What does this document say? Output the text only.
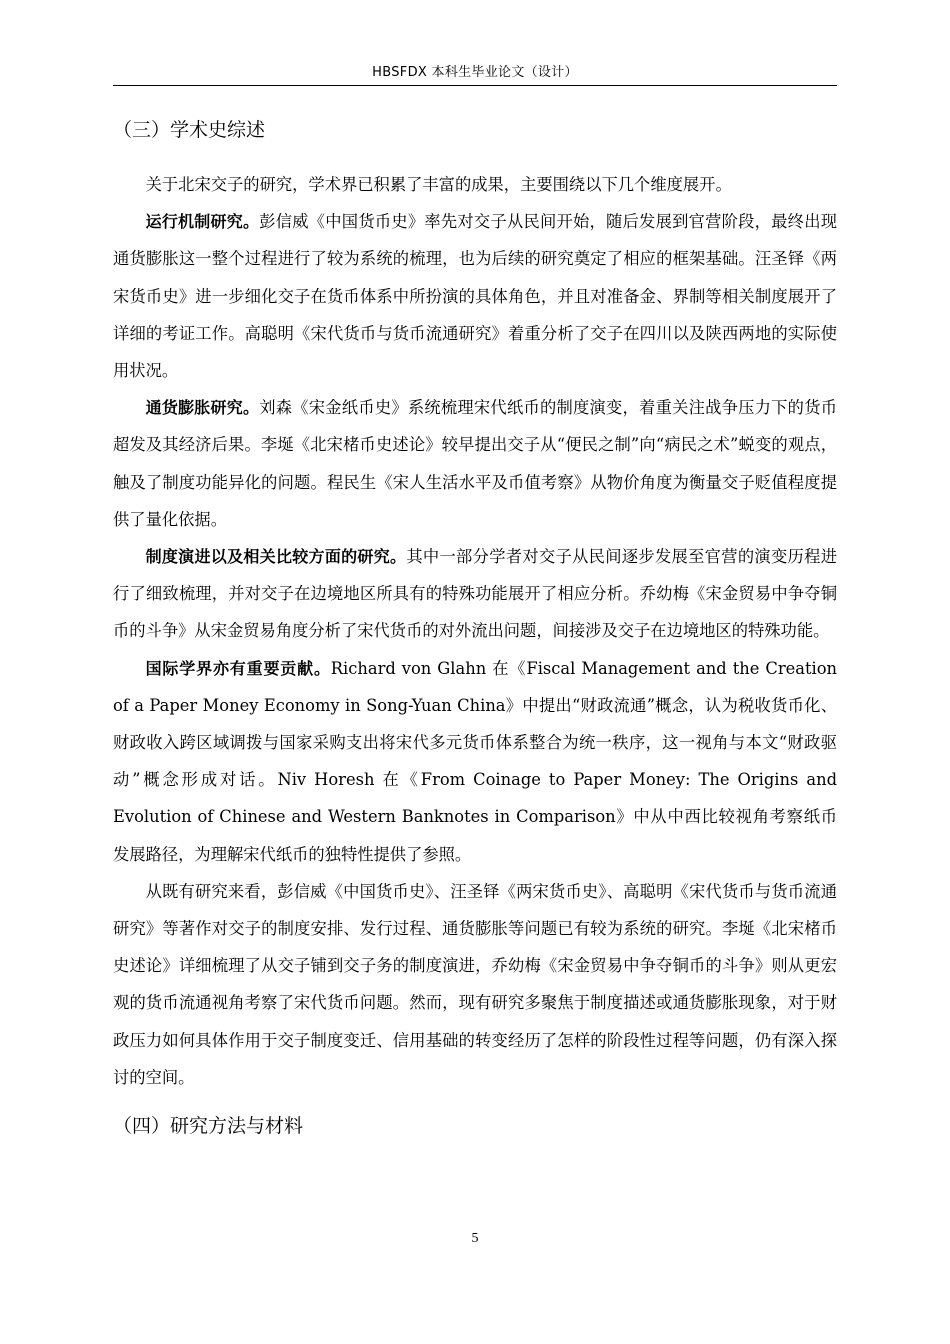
HBSFDX 本科生毕业论文（设计）
（三）学术史综述

关于北宋交子的研究，学术界已积累了丰富的成果，主要围绕以下几个维度展开。

运行机制研究。彭信威《中国货币史》率先对交子从民间开始，随后发展到官营阶段，最终出现通货膨胀这一整个过程进行了较为系统的梳理，也为后续的研究奠定了相应的框架基础。汪圣铎《两宋货币史》进一步细化交子在货币体系中所扮演的具体角色，并且对准备金、界制等相关制度展开了详细的考证工作。高聪明《宋代货币与货币流通研究》着重分析了交子在四川以及陕西两地的实际使用状况。

通货膨胀研究。刘森《宋金纸币史》系统梳理宋代纸币的制度演变，着重关注战争压力下的货币超发及其经济后果。李埏《北宋楮币史述论》较早提出交子从“便民之制”向“病民之术”蜕变的观点，触及了制度功能异化的问题。程民生《宋人生活水平及币值考察》从物价角度为衡量交子贬值程度提供了量化依据。

制度演进以及相关比较方面的研究。其中一部分学者对交子从民间逐步发展至官营的演变历程进行了细致梳理，并对交子在边境地区所具有的特殊功能展开了相应分析。乔幼梅《宋金贸易中争夺铜币的斗争》从宋金贸易角度分析了宋代货币的对外流出问题，间接涉及交子在边境地区的特殊功能。

国际学界亦有重要贡献。Richard von Glahn 在《Fiscal Management and the Creation of a Paper Money Economy in Song-Yuan China》中提出“财政流通”概念，认为税收货币化、财政收入跨区域调拨与国家采购支出将宋代多元货币体系整合为统一秩序，这一视角与本文“财政驱动”概念形成对话。Niv Horesh 在《From Coinage to Paper Money: The Origins and Evolution of Chinese and Western Banknotes in Comparison》中从中西比较视角考察纸币发展路径，为理解宋代纸币的独特性提供了参照。

从既有研究来看，彭信威《中国货币史》、汪圣铎《两宋货币史》、高聪明《宋代货币与货币流通研究》等著作对交子的制度安排、发行过程、通货膨胀等问题已有较为系统的研究。李埏《北宋楮币史述论》详细梳理了从交子铺到交子务的制度演进，乔幼梅《宋金贸易中争夺铜币的斗争》则从更宏观的货币流通视角考察了宋代货币问题。然而，现有研究多聚焦于制度描述或通货膨胀现象，对于财政压力如何具体作用于交子制度变迁、信用基础的转变经历了怎样的阶段性过程等问题，仍有深入探讨的空间。

（四）研究方法与材料
5
